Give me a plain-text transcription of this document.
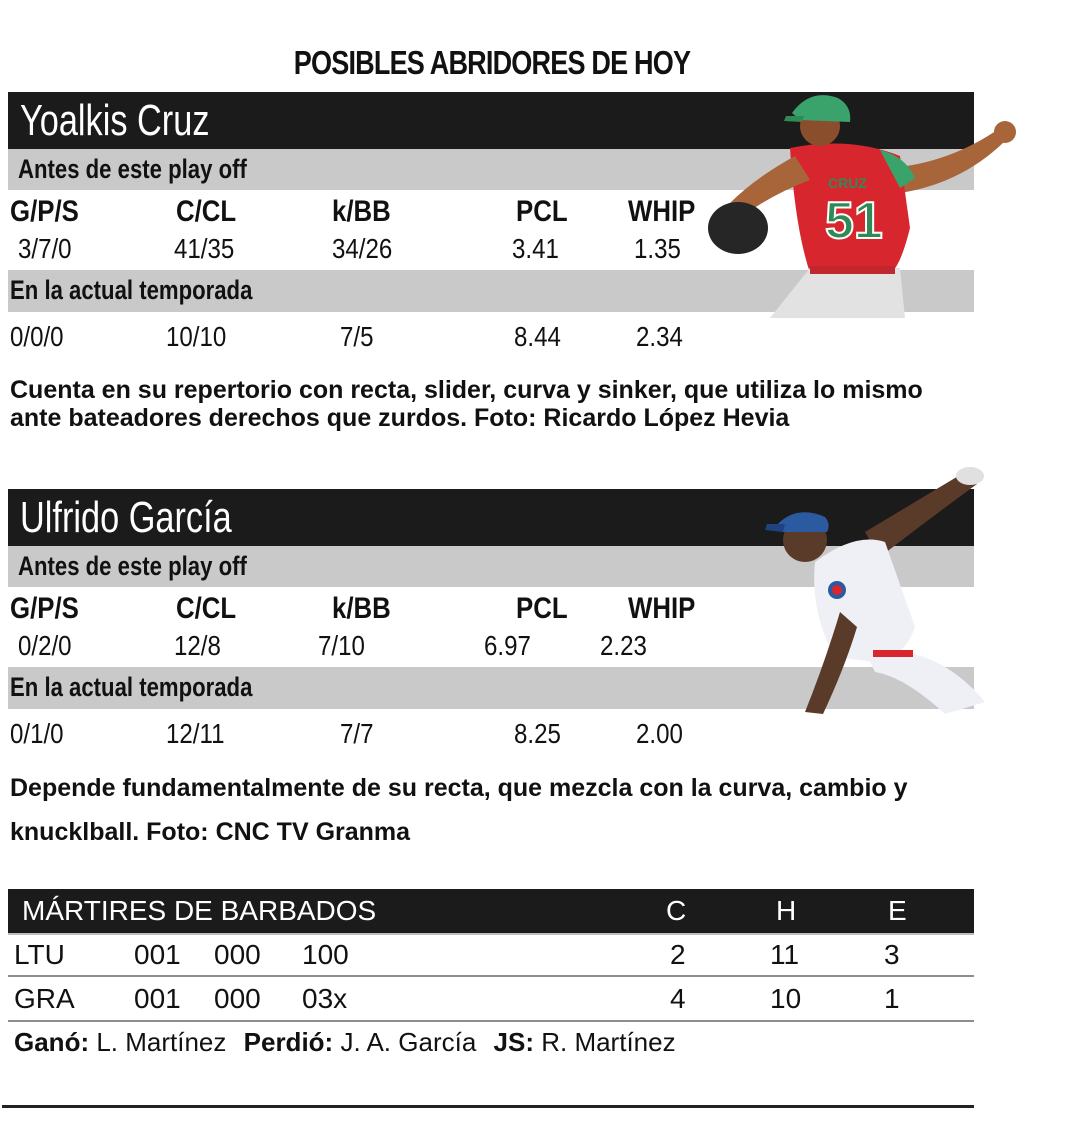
POSIBLES ABRIDORES DE HOY
Yoalkis Cruz
Antes de este play off
G/P/S	C/CL	k/BB	PCL WHIP
3/7/0	41/35	34/26	3.41	1.35
En la actual temporada
0/0/0	10/10	7/5	8.44	2.34
CRUZ
51
Cuenta en su repertorio con recta, slider, curva y sinker, que utiliza lo mismo ante bateadores derechos que zurdos. Foto: Ricardo López Hevia
Ulfrido García
Antes de este play off
G/P/S	C/CL	k/BB	PCL WHIP
0/2/0	12/8	7/10	6.97 2.23
En la actual temporada
0/1/0	12/11	7/7	8.25	2.00
Depende fundamentalmente de su recta, que mezcla con la curva, cambio y knucklball. Foto: CNC TV Granma
MÁRTIRES DE BARBADOS	C	H	E
LTU 001 000 100	2	11	3
GRA 001 000 03x	4	10	1
Ganó: L. Martínez Perdió: J. A. García JS: R. Martínez
